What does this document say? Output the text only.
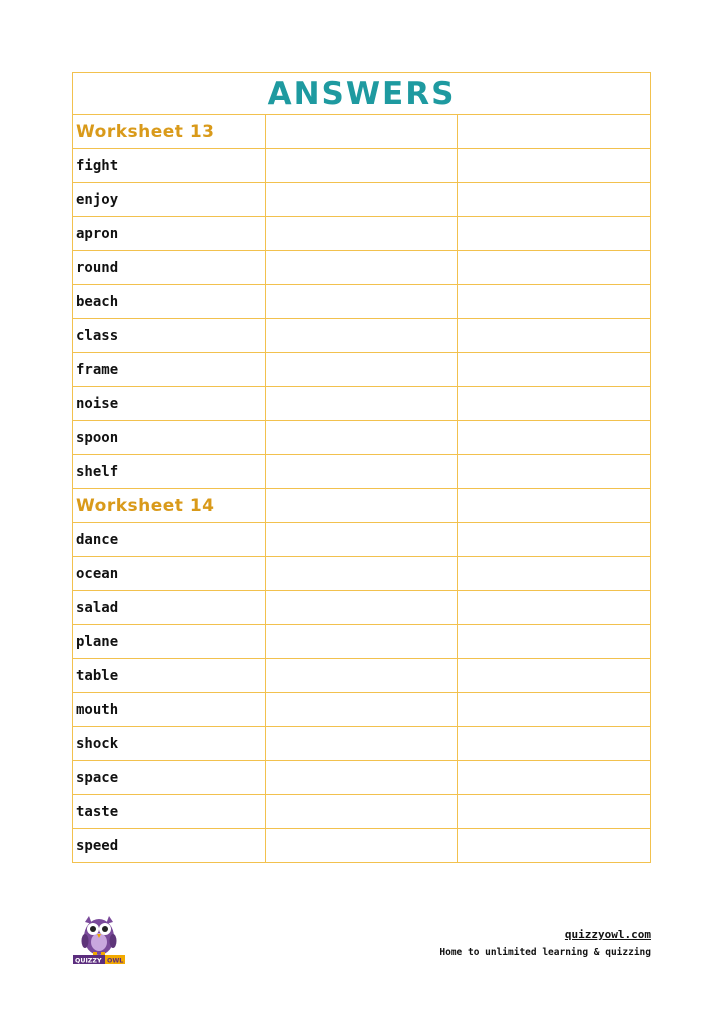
ANSWERS		
Worksheet 13		
fight		
enjoy		
apron		
round		
beach		
class		
frame		
noise		
spoon		
shelf		
Worksheet 14		
dance		
ocean		
salad		
plane		
table		
mouth		
shock		
space		
taste		
speed		
QUIZZY OWL
quizzyowl.com
Home to unlimited learning & quizzing
